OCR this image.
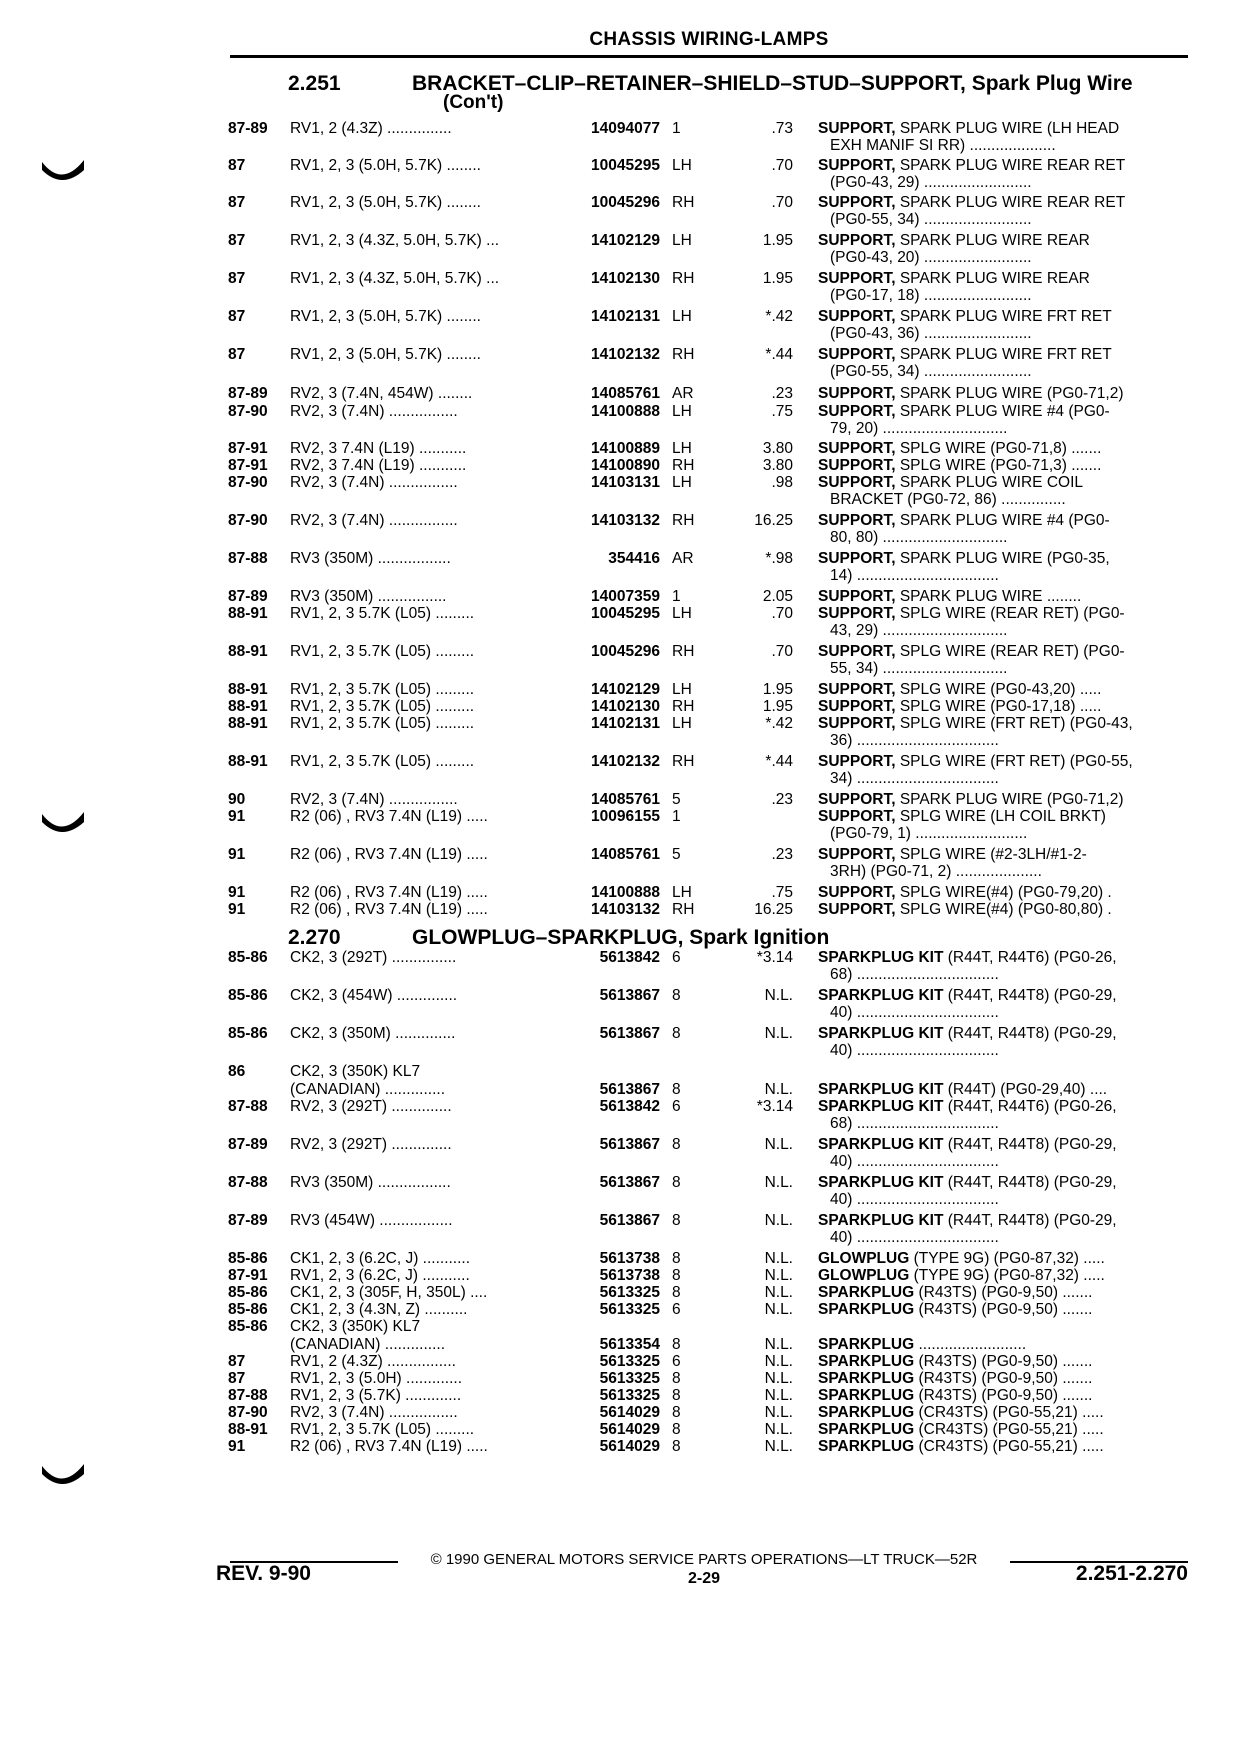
CHASSIS WIRING-LAMPS
2.251	BRACKET–CLIP–RETAINER–SHIELD–STUD–SUPPORT, Spark Plug Wire
(Con't)
2.270	GLOWPLUG–SPARKPLUG, Spark Ignition
87-89 RV1, 2 (4.3Z) ...............	14094077 1	.73 SUPPORT, SPARK PLUG WIRE (LH HEAD
EXH MANIF SI RR) ....................
87	RV1, 2, 3 (5.0H, 5.7K) ........	10045295 LH	.70 SUPPORT, SPARK PLUG WIRE REAR RET
(PG0-43, 29) .........................
87	RV1, 2, 3 (5.0H, 5.7K) ........	10045296 RH	.70 SUPPORT, SPARK PLUG WIRE REAR RET
(PG0-55, 34) .........................
87	RV1, 2, 3 (4.3Z, 5.0H, 5.7K) ...	14102129 LH	1.95 SUPPORT, SPARK PLUG WIRE REAR
(PG0-43, 20) .........................
87	RV1, 2, 3 (4.3Z, 5.0H, 5.7K) ...	14102130 RH	1.95 SUPPORT, SPARK PLUG WIRE REAR
(PG0-17, 18) .........................
87	RV1, 2, 3 (5.0H, 5.7K) ........	14102131 LH	*.42 SUPPORT, SPARK PLUG WIRE FRT RET
(PG0-43, 36) .........................
87	RV1, 2, 3 (5.0H, 5.7K) ........	14102132 RH	*.44 SUPPORT, SPARK PLUG WIRE FRT RET
(PG0-55, 34) .........................
87-89 RV2, 3 (7.4N, 454W) ........	14085761 AR	.23 SUPPORT, SPARK PLUG WIRE (PG0-71,2)
87-90 RV2, 3 (7.4N) ................	14100888 LH	.75 SUPPORT, SPARK PLUG WIRE #4 (PG0-
79, 20) .............................
87-91 RV2, 3 7.4N (L19) ...........	14100889 LH	3.80 SUPPORT, SPLG WIRE (PG0-71,8) .......
87-91 RV2, 3 7.4N (L19) ...........	14100890 RH	3.80 SUPPORT, SPLG WIRE (PG0-71,3) .......
87-90 RV2, 3 (7.4N) ................	14103131 LH	.98 SUPPORT, SPARK PLUG WIRE COIL
BRACKET (PG0-72, 86) ...............
87-90 RV2, 3 (7.4N) ................	14103132 RH	16.25 SUPPORT, SPARK PLUG WIRE #4 (PG0-
80, 80) .............................
87-88 RV3 (350M) .................	354416 AR	*.98 SUPPORT, SPARK PLUG WIRE (PG0-35,
14) .................................
87-89 RV3 (350M) ................	14007359 1	2.05 SUPPORT, SPARK PLUG WIRE ........
88-91 RV1, 2, 3 5.7K (L05) .........	10045295 LH	.70 SUPPORT, SPLG WIRE (REAR RET) (PG0-
43, 29) .............................
88-91 RV1, 2, 3 5.7K (L05) .........	10045296 RH	.70 SUPPORT, SPLG WIRE (REAR RET) (PG0-
55, 34) .............................
88-91 RV1, 2, 3 5.7K (L05) .........	14102129 LH	1.95 SUPPORT, SPLG WIRE (PG0-43,20) .....
88-91 RV1, 2, 3 5.7K (L05) .........	14102130 RH	1.95 SUPPORT, SPLG WIRE (PG0-17,18) .....
88-91 RV1, 2, 3 5.7K (L05) .........	14102131 LH	*.42 SUPPORT, SPLG WIRE (FRT RET) (PG0-43,
36) .................................
88-91 RV1, 2, 3 5.7K (L05) .........	14102132 RH	*.44 SUPPORT, SPLG WIRE (FRT RET) (PG0-55,
34) .................................
90	RV2, 3 (7.4N) ................	14085761 5	.23 SUPPORT, SPARK PLUG WIRE (PG0-71,2)
91	R2 (06) , RV3 7.4N (L19) .....	10096155 1	SUPPORT, SPLG WIRE (LH COIL BRKT)
(PG0-79, 1) ..........................
91	R2 (06) , RV3 7.4N (L19) .....	14085761 5	.23 SUPPORT, SPLG WIRE (#2-3LH/#1-2-
3RH) (PG0-71, 2) ....................
91	R2 (06) , RV3 7.4N (L19) .....	14100888 LH	.75 SUPPORT, SPLG WIRE(#4) (PG0-79,20) .
91	R2 (06) , RV3 7.4N (L19) .....	14103132 RH	16.25 SUPPORT, SPLG WIRE(#4) (PG0-80,80) .
85-86 CK2, 3 (292T) ...............	5613842 6	*3.14 SPARKPLUG KIT (R44T, R44T6) (PG0-26,
68) .................................
85-86 CK2, 3 (454W) ..............	5613867 8	N.L. SPARKPLUG KIT (R44T, R44T8) (PG0-29,
40) .................................
85-86 CK2, 3 (350M) ..............	5613867 8	N.L. SPARKPLUG KIT (R44T, R44T8) (PG0-29,
40) .................................
86	CK2, 3 (350K) KL7
(CANADIAN) ..............	5613867 8	N.L. SPARKPLUG KIT (R44T) (PG0-29,40) ....
87-88 RV2, 3 (292T) ..............	5613842 6	*3.14 SPARKPLUG KIT (R44T, R44T6) (PG0-26,
68) .................................
87-89 RV2, 3 (292T) ..............	5613867 8	N.L. SPARKPLUG KIT (R44T, R44T8) (PG0-29,
40) .................................
87-88 RV3 (350M) .................	5613867 8	N.L. SPARKPLUG KIT (R44T, R44T8) (PG0-29,
40) .................................
87-89 RV3 (454W) .................	5613867 8	N.L. SPARKPLUG KIT (R44T, R44T8) (PG0-29,
40) .................................
85-86 CK1, 2, 3 (6.2C, J) ...........	5613738 8	N.L. GLOWPLUG (TYPE 9G) (PG0-87,32) .....
87-91 RV1, 2, 3 (6.2C, J) ...........	5613738 8	N.L. GLOWPLUG (TYPE 9G) (PG0-87,32) .....
85-86 CK1, 2, 3 (305F, H, 350L) ....	5613325 8	N.L. SPARKPLUG (R43TS) (PG0-9,50) .......
85-86 CK1, 2, 3 (4.3N, Z) ..........	5613325 6	N.L. SPARKPLUG (R43TS) (PG0-9,50) .......
85-86 CK2, 3 (350K) KL7
(CANADIAN) ..............	5613354 8	N.L. SPARKPLUG .........................
87	RV1, 2 (4.3Z) ................	5613325 6	N.L. SPARKPLUG (R43TS) (PG0-9,50) .......
87	RV1, 2, 3 (5.0H) .............	5613325 8	N.L. SPARKPLUG (R43TS) (PG0-9,50) .......
87-88 RV1, 2, 3 (5.7K) .............	5613325 8	N.L. SPARKPLUG (R43TS) (PG0-9,50) .......
87-90 RV2, 3 (7.4N) ................	5614029 8	N.L. SPARKPLUG (CR43TS) (PG0-55,21) .....
88-91 RV1, 2, 3 5.7K (L05) .........	5614029 8	N.L. SPARKPLUG (CR43TS) (PG0-55,21) .....
91	R2 (06) , RV3 7.4N (L19) .....	5614029 8	N.L. SPARKPLUG (CR43TS) (PG0-55,21) .....
© 1990 GENERAL MOTORS SERVICE PARTS OPERATIONS—LT TRUCK—52R
2-29
REV. 9-90	2.251-2.270
